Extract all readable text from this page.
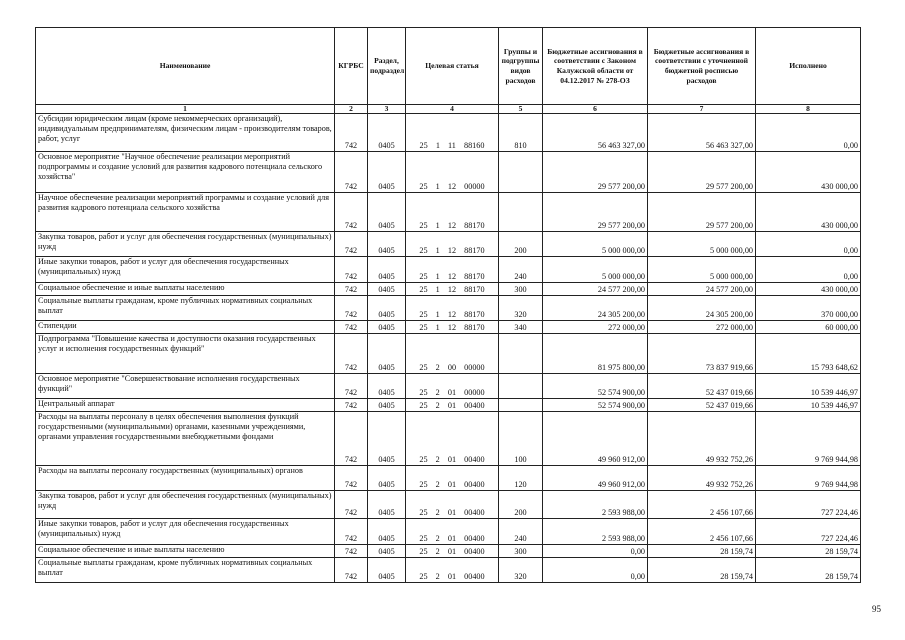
Наименование	КГРБС	Раздел, подраздел	Целевая статья	Группы и подгруппы видов расходов	Бюджетные ассигнования в соответствии с Законом Калужской области от 04.12.2017 № 278-ОЗ	Бюджетные ассигнования в соответствии с уточненной бюджетной росписью расходов	Исполнено
1	2	3	4	5	6	7	8
Субсидии юридическим лицам (кроме некоммерческих организаций), индивидуальным предпринимателям, физическим лицам - производителям товаров, работ, услуг	742	0405	25  1  11  88160	810	56 463 327,00	56 463 327,00	0,00
Основное мероприятие "Научное обеспечение реализации мероприятий подпрограммы и создание условий для развития кадрового потенциала сельского хозяйства"	742	0405	25  1  12  00000		29 577 200,00	29 577 200,00	430 000,00
Научное обеспечение реализации мероприятий программы и создание условий для развития кадрового потенциала сельского хозяйства	742	0405	25  1  12  88170		29 577 200,00	29 577 200,00	430 000,00
Закупка товаров, работ и услуг для обеспечения государственных (муниципальных) нужд	742	0405	25  1  12  88170	200	5 000 000,00	5 000 000,00	0,00
Иные закупки товаров, работ и услуг для обеспечения государственных (муниципальных) нужд	742	0405	25  1  12  88170	240	5 000 000,00	5 000 000,00	0,00
Социальное обеспечение и иные выплаты населению	742	0405	25  1  12  88170	300	24 577 200,00	24 577 200,00	430 000,00
Социальные выплаты гражданам, кроме публичных нормативных социальных выплат	742	0405	25  1  12  88170	320	24 305 200,00	24 305 200,00	370 000,00
Стипендии	742	0405	25  1  12  88170	340	272 000,00	272 000,00	60 000,00
Подпрограмма "Повышение качества и доступности оказания государственных услуг и исполнения государственных функций"	742	0405	25  2  00  00000		81 975 800,00	73 837 919,66	15 793 648,62
Основное мероприятие "Совершенствование исполнения государственных функций"	742	0405	25  2  01  00000		52 574 900,00	52 437 019,66	10 539 446,97
Центральный аппарат	742	0405	25  2  01  00400		52 574 900,00	52 437 019,66	10 539 446,97
Расходы на выплаты персоналу в целях обеспечения выполнения функций государственными (муниципальными) органами, казенными учреждениями, органами управления государственными внебюджетными фондами	742	0405	25  2  01  00400	100	49 960 912,00	49 932 752,26	9 769 944,98
Расходы на выплаты персоналу государственных (муниципальных) органов	742	0405	25  2  01  00400	120	49 960 912,00	49 932 752,26	9 769 944,98
Закупка товаров, работ и услуг для обеспечения государственных (муниципальных) нужд	742	0405	25  2  01  00400	200	2 593 988,00	2 456 107,66	727 224,46
Иные закупки товаров, работ и услуг для обеспечения государственных (муниципальных) нужд	742	0405	25  2  01  00400	240	2 593 988,00	2 456 107,66	727 224,46
Социальное обеспечение и иные выплаты населению	742	0405	25  2  01  00400	300	0,00	28 159,74	28 159,74
Социальные выплаты гражданам, кроме публичных нормативных социальных выплат	742	0405	25  2  01  00400	320	0,00	28 159,74	28 159,74
95
